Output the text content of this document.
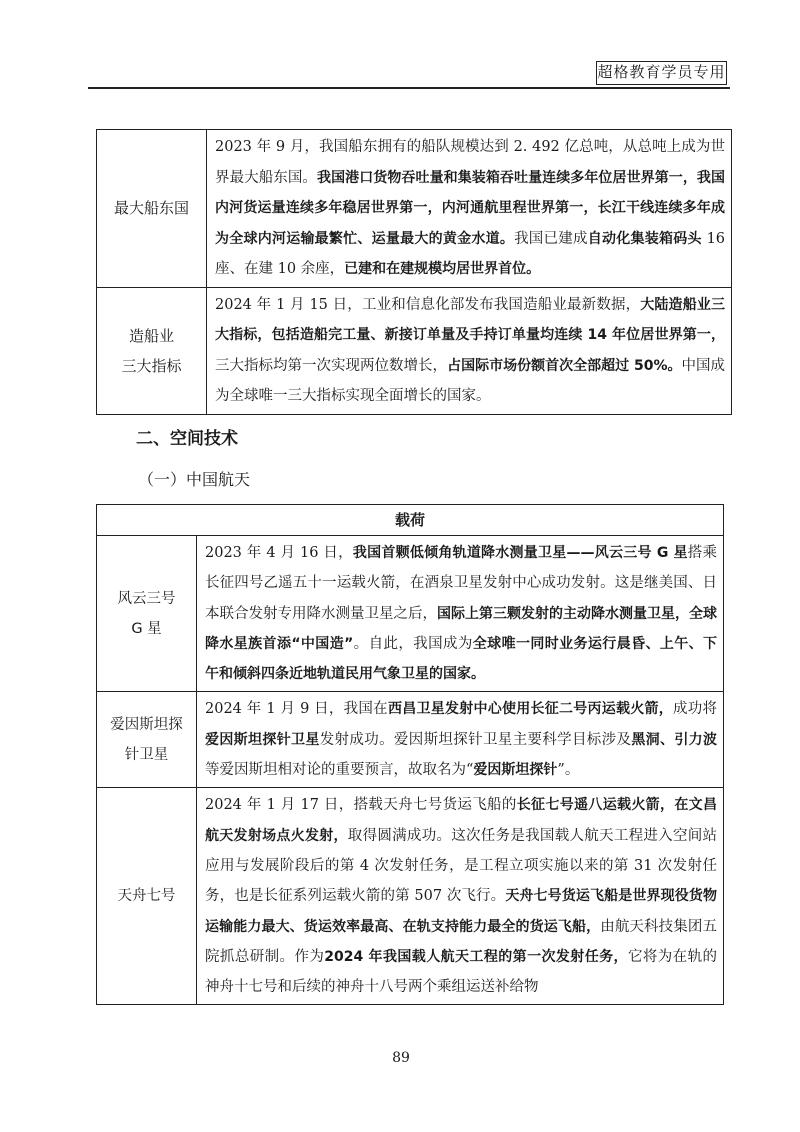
超格教育学员专用
最大船东国	2023 年 9 月，我国船东拥有的船队规模达到 2. 492 亿总吨，从总吨上成为世界最大船东国。我国港口货物吞吐量和集装箱吞吐量连续多年位居世界第一，我国内河货运量连续多年稳居世界第一，内河通航里程世界第一，长江干线连续多年成为全球内河运输最繁忙、运量最大的黄金水道。我国已建成自动化集装箱码头 16 座、在建 10 余座，已建和在建规模均居世界首位。

造船业
三大指标	2024 年 1 月 15 日，工业和信息化部发布我国造船业最新数据，大陆造船业三大指标，包括造船完工量、新接订单量及手持订单量均连续 14 年位居世界第一，三大指标均第一次实现两位数增长，占国际市场份额首次全部超过 50%。中国成为全球唯一三大指标实现全面增长的国家。
二、空间技术
（一）中国航天
载荷	

风云三号
G 星	2023 年 4 月 16 日，我国首颗低倾角轨道降水测量卫星——风云三号 G 星搭乘长征四号乙遥五十一运载火箭，在酒泉卫星发射中心成功发射。这是继美国、日本联合发射专用降水测量卫星之后，国际上第三颗发射的主动降水测量卫星，全球降水星族首添“中国造”。自此，我国成为全球唯一同时业务运行晨昏、上午、下午和倾斜四条近地轨道民用气象卫星的国家。

爱因斯坦探
针卫星	2024 年 1 月 9 日，我国在西昌卫星发射中心使用长征二号丙运载火箭，成功将爱因斯坦探针卫星发射成功。爱因斯坦探针卫星主要科学目标涉及黑洞、引力波等爱因斯坦相对论的重要预言，故取名为“爱因斯坦探针”。
天舟七号	2024 年 1 月 17 日，搭载天舟七号货运飞船的长征七号遥八运载火箭，在文昌航天发射场点火发射，取得圆满成功。这次任务是我国载人航天工程进入空间站应用与发展阶段后的第 4 次发射任务，是工程立项实施以来的第 31 次发射任务，也是长征系列运载火箭的第 507 次飞行。天舟七号货运飞船是世界现役货物运输能力最大、货运效率最高、在轨支持能力最全的货运飞船，由航天科技集团五院抓总研制。作为2024 年我国载人航天工程的第一次发射任务，它将为在轨的神舟十七号和后续的神舟十八号两个乘组运送补给物
89
